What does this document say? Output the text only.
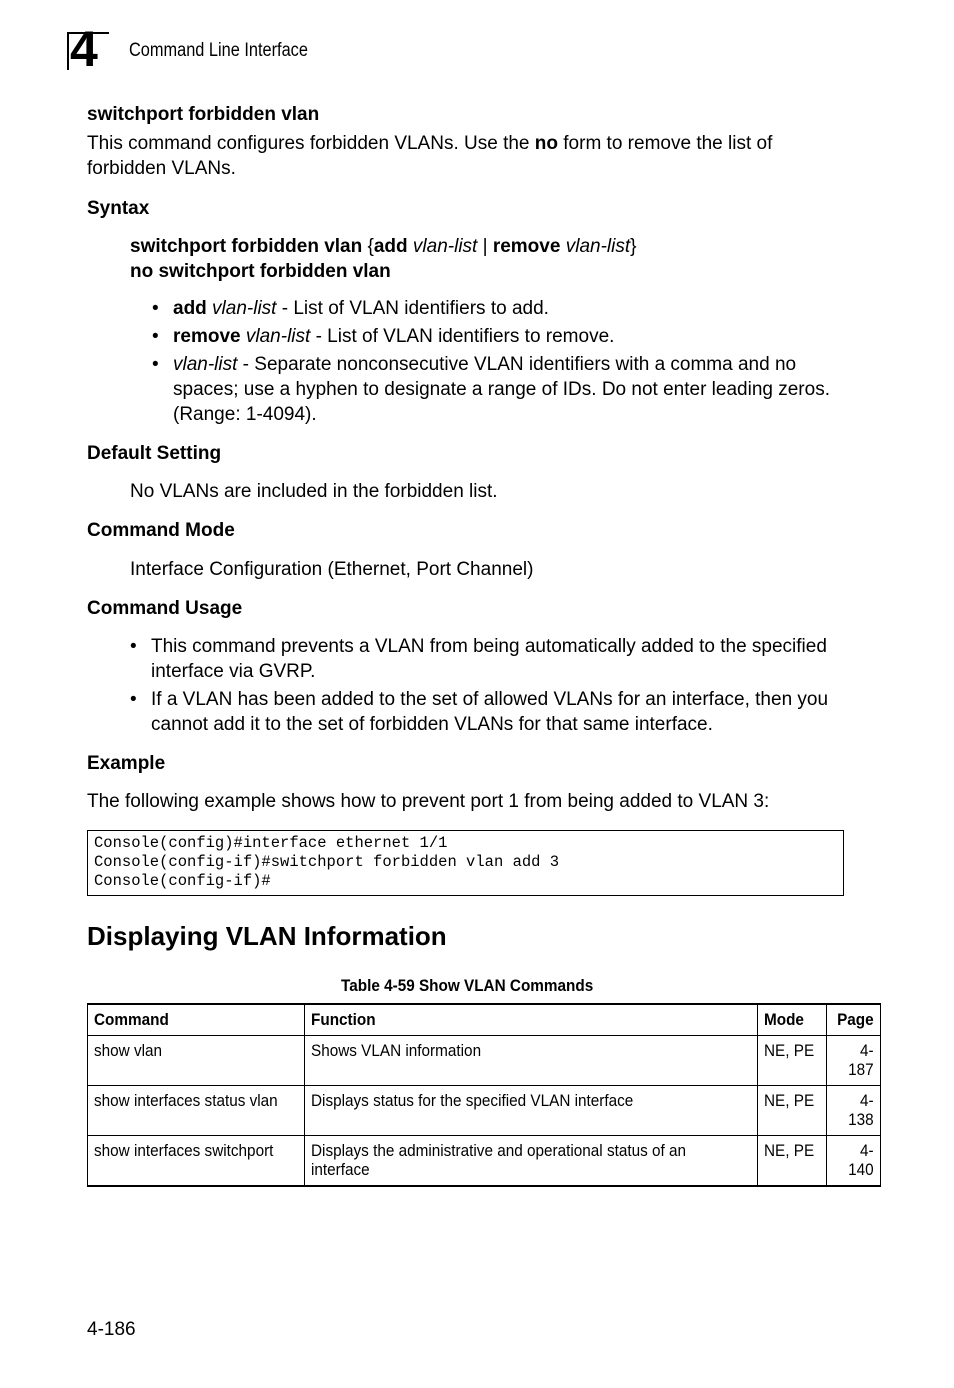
4 Command Line Interface
switchport forbidden vlan
This command configures forbidden VLANs. Use the no form to remove the list of forbidden VLANs.
Syntax
switchport forbidden vlan {add vlan-list | remove vlan-list}
no switchport forbidden vlan
• add vlan-list - List of VLAN identifiers to add.
• remove vlan-list - List of VLAN identifiers to remove.
• vlan-list - Separate nonconsecutive VLAN identifiers with a comma and no spaces; use a hyphen to designate a range of IDs. Do not enter leading zeros. (Range: 1-4094).
Default Setting
No VLANs are included in the forbidden list.
Command Mode
Interface Configuration (Ethernet, Port Channel)
Command Usage
• This command prevents a VLAN from being automatically added to the specified interface via GVRP.
• If a VLAN has been added to the set of allowed VLANs for an interface, then you cannot add it to the set of forbidden VLANs for that same interface.
Example
The following example shows how to prevent port 1 from being added to VLAN 3:
Console(config)#interface ethernet 1/1
Console(config-if)#switchport forbidden vlan add 3
Console(config-if)#
Displaying VLAN Information
Table 4-59 Show VLAN Commands
Command	Function	Mode	Page
show vlan	Shows VLAN information	NE, PE	4-187
show interfaces status vlan	Displays status for the specified VLAN interface	NE, PE	4-138
show interfaces switchport	Displays the administrative and operational status of an interface	NE, PE	4-140
4-186
